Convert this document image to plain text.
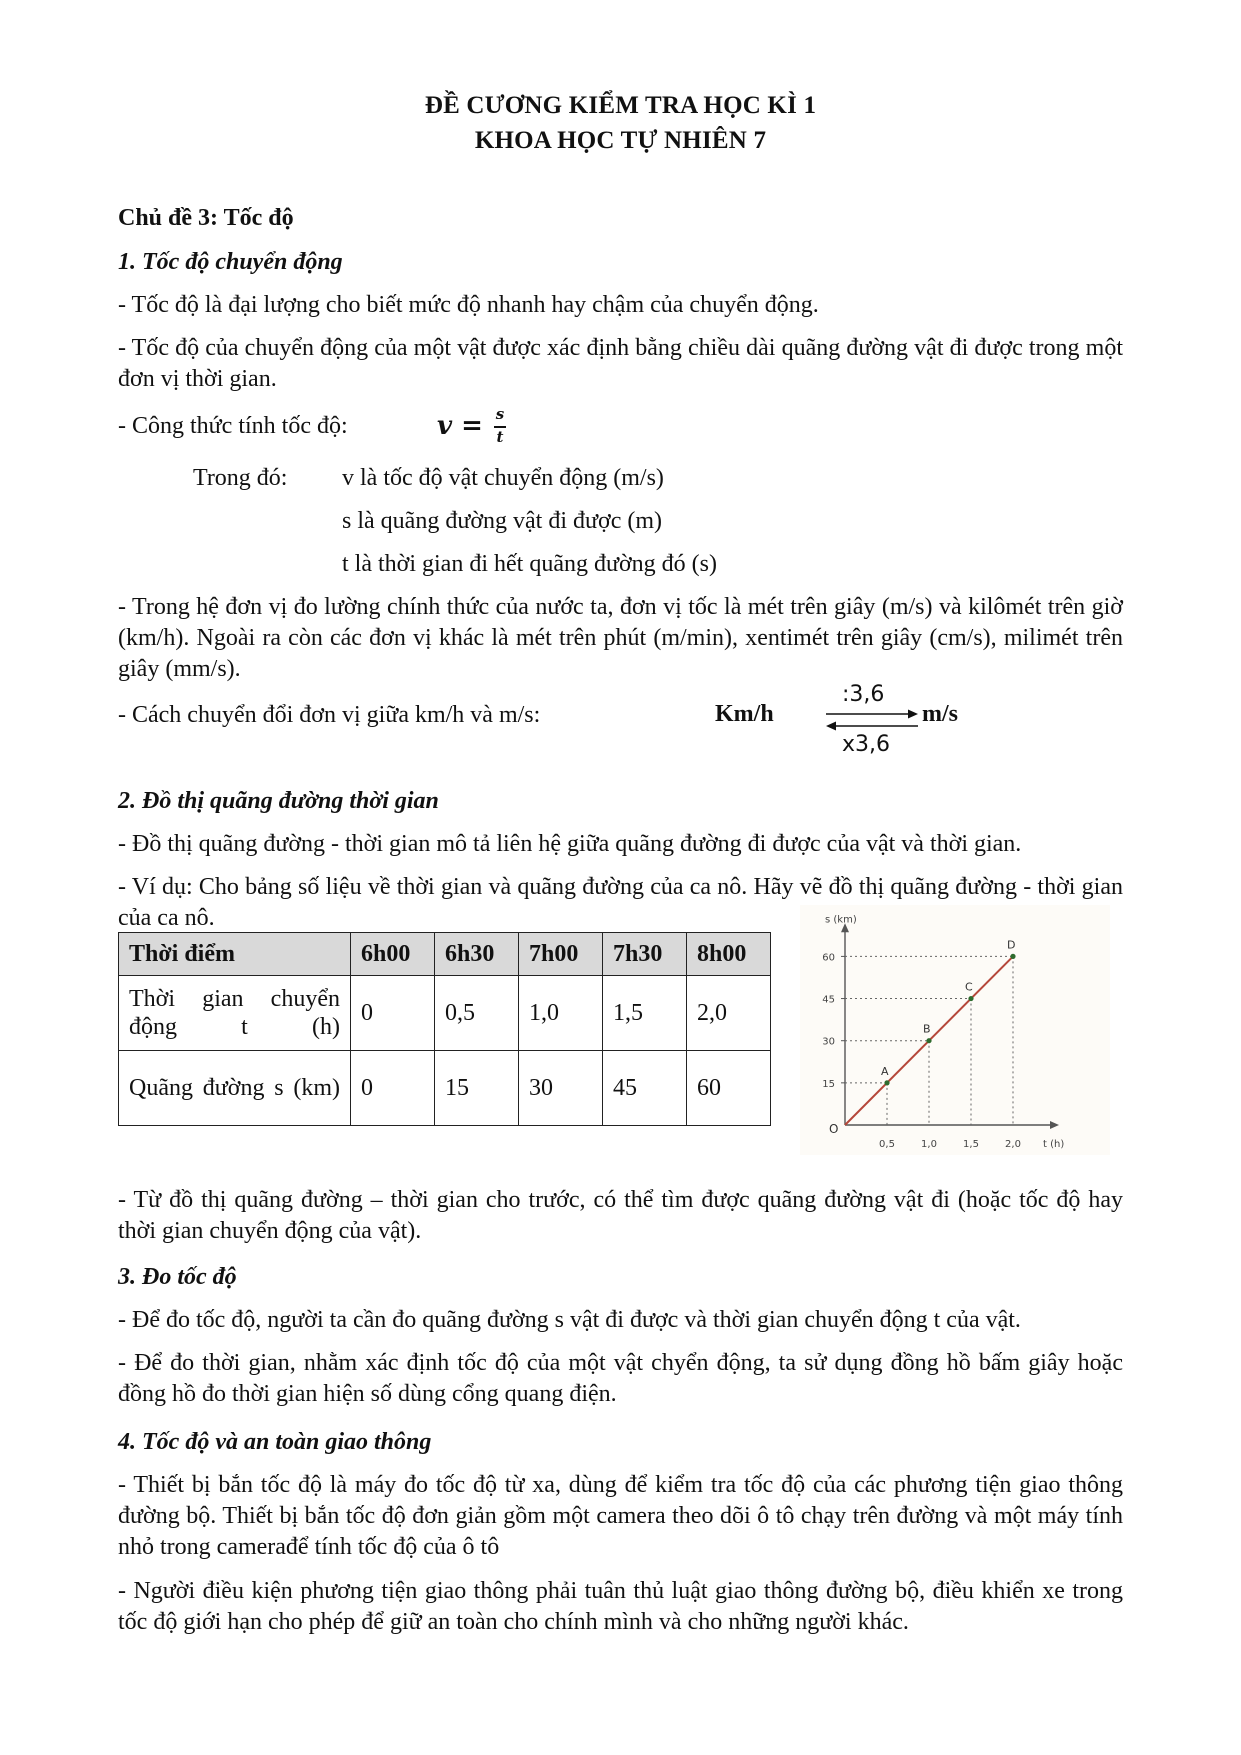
ĐỀ CƯƠNG KIỂM TRA HỌC KÌ 1
KHOA HỌC TỰ NHIÊN 7
Chủ đề 3: Tốc độ
1. Tốc độ chuyển động
- Tốc độ là đại lượng cho biết mức độ nhanh hay chậm của chuyển động.
- Tốc độ của chuyển động của một vật được xác định bằng chiều dài quãng đường vật đi được trong một đơn vị thời gian.
- Công thức tính tốc độ:	v = s
t
Trong đó: v là tốc độ vật chuyển động (m/s)
s là quãng đường vật đi được (m)
t là thời gian đi hết quãng đường đó (s)
- Trong hệ đơn vị đo lường chính thức của nước ta, đơn vị tốc là mét trên giây (m/s) và kilômét trên giờ (km/h). Ngoài ra còn các đơn vị khác là mét trên phút (m/min), xentimét trên giây (cm/s), milimét trên giây (mm/s).
- Cách chuyển đổi đơn vị giữa km/h và m/s:	Km/h	m/s
:3,6
x3,6
2. Đồ thị quãng đường thời gian
- Đồ thị quãng đường - thời gian mô tả liên hệ giữa quãng đường đi được của vật và thời gian.
- Ví dụ: Cho bảng số liệu về thời gian và quãng đường của ca nô. Hãy vẽ đồ thị quãng đường - thời gian của ca nô.
Thời điểm	6h00	6h30	7h00	7h30	8h00
Thời gian chuyển động t (h)	0	0,5	1,0	1,5	2,0
Quãng đường s (km)	0	15	30	45	60
s (km)
t (h)
O
0,5	1,0	1,5	2,0
15
30
45
60
A
B
C
D
- Từ đồ thị quãng đường – thời gian cho trước, có thể tìm được quãng đường vật đi (hoặc tốc độ hay thời gian chuyển động của vật).
3. Đo tốc độ
- Để đo tốc độ, người ta cần đo quãng đường s vật đi được và thời gian chuyển động t của vật.
- Để đo thời gian, nhằm xác định tốc độ của một vật chyển động, ta sử dụng đồng hồ bấm giây hoặc đồng hồ đo thời gian hiện số dùng cổng quang điện.
4. Tốc độ và an toàn giao thông
- Thiết bị bắn tốc độ là máy đo tốc độ từ xa, dùng để kiểm tra tốc độ của các phương tiện giao thông đường bộ. Thiết bị bắn tốc độ đơn giản gồm một camera theo dõi ô tô chạy trên đường và một máy tính nhỏ trong camerađể tính tốc độ của ô tô
- Người điều kiện phương tiện giao thông phải tuân thủ luật giao thông đường bộ, điều khiển xe trong tốc độ giới hạn cho phép để giữ an toàn cho chính mình và cho những người khác.
